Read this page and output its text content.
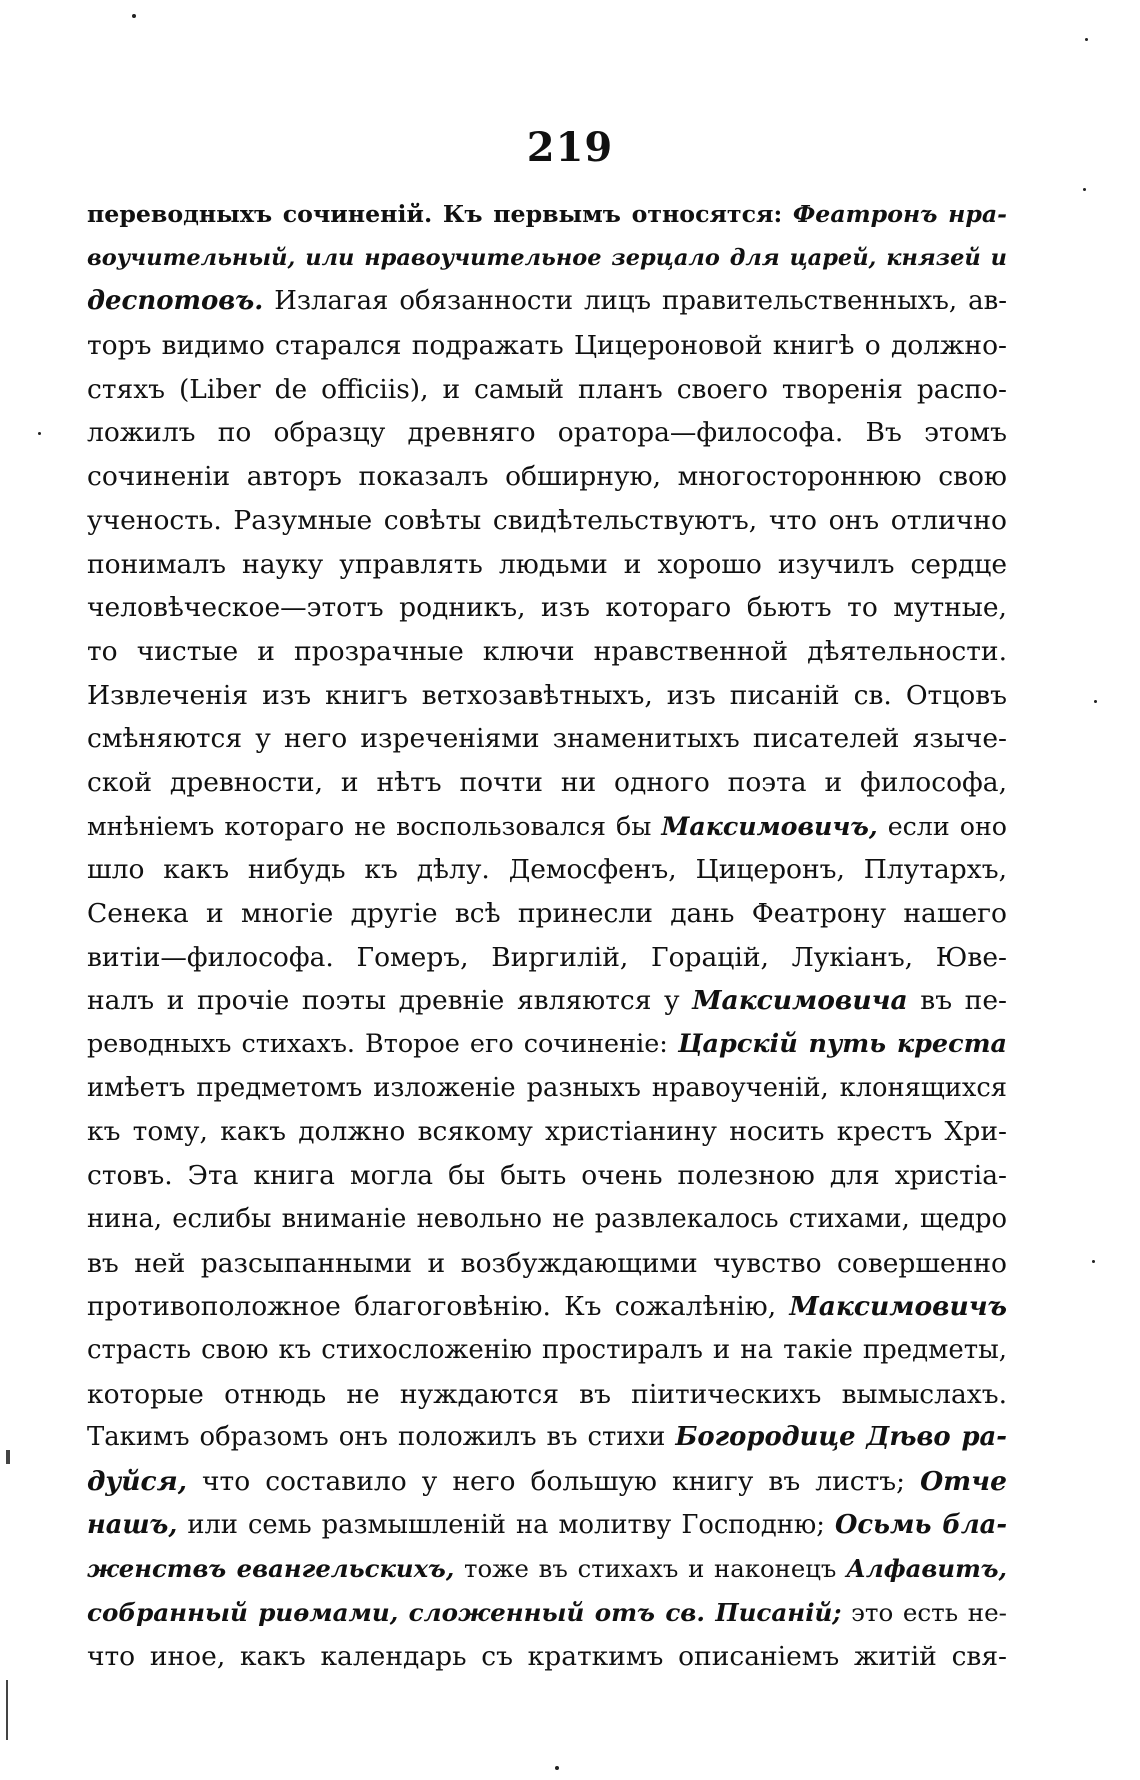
219
переводныхъ сочиненій. Къ первымъ относятся: Феатронъ нра-
воучительный, или нравоучительное зерцало для царей, князей и
деспотовъ. Излагая обязанности лицъ правительственныхъ, ав-
торъ видимо старался подражать Цицероновой книгѣ о должно-
стяхъ (Liber de officiis), и самый планъ своего творенія распо-
ложилъ по образцу древняго оратора—философа. Въ этомъ
сочиненіи авторъ показалъ обширную, многостороннюю свою
ученость. Разумные совѣты свидѣтельствуютъ, что онъ отлично
понималъ науку управлять людьми и хорошо изучилъ сердце
человѣческое—этотъ родникъ, изъ котораго бьютъ то мутные,
то чистые и прозрачные ключи нравственной дѣятельности.
Извлеченія изъ книгъ ветхозавѣтныхъ, изъ писаній св. Отцовъ
смѣняются у него изреченіями знаменитыхъ писателей языче-
ской древности, и нѣтъ почти ни одного поэта и философа,
мнѣніемъ котораго не воспользовался бы Максимовичъ, если оно
шло какъ нибудь къ дѣлу. Демосфенъ, Цицеронъ, Плутархъ,
Сенека и многіе другіе всѣ принесли дань Феатрону нашего
витіи—философа. Гомеръ, Виргилій, Горацій, Лукіанъ, Юве-
налъ и прочіе поэты древніе являются у Максимовича въ пе-
реводныхъ стихахъ. Второе его сочиненіе: Царскій путь креста
имѣетъ предметомъ изложеніе разныхъ нравоученій, клонящихся
къ тому, какъ должно всякому христіанину носить крестъ Хри-
стовъ. Эта книга могла бы быть очень полезною для христіа-
нина, еслибы вниманіе невольно не развлекалось стихами, щедро
въ ней разсыпанными и возбуждающими чувство совершенно
противоположное благоговѣнію. Къ сожалѣнію, Максимовичъ
страсть свою къ стихосложенію простиралъ и на такіе предметы,
которые отнюдь не нуждаются въ піитическихъ вымыслахъ.
Такимъ образомъ онъ положилъ въ стихи Богородице Дѣво ра-
дуйся, что составило у него большую книгу въ листъ; Отче
нашъ, или семь размышленій на молитву Господню; Осьмь бла-
женствъ евангельскихъ, тоже въ стихахъ и наконецъ Алфавитъ,
собранный риѳмами, сложенный отъ св. Писаній; это есть не-
что иное, какъ календарь съ краткимъ описаніемъ житій свя-
